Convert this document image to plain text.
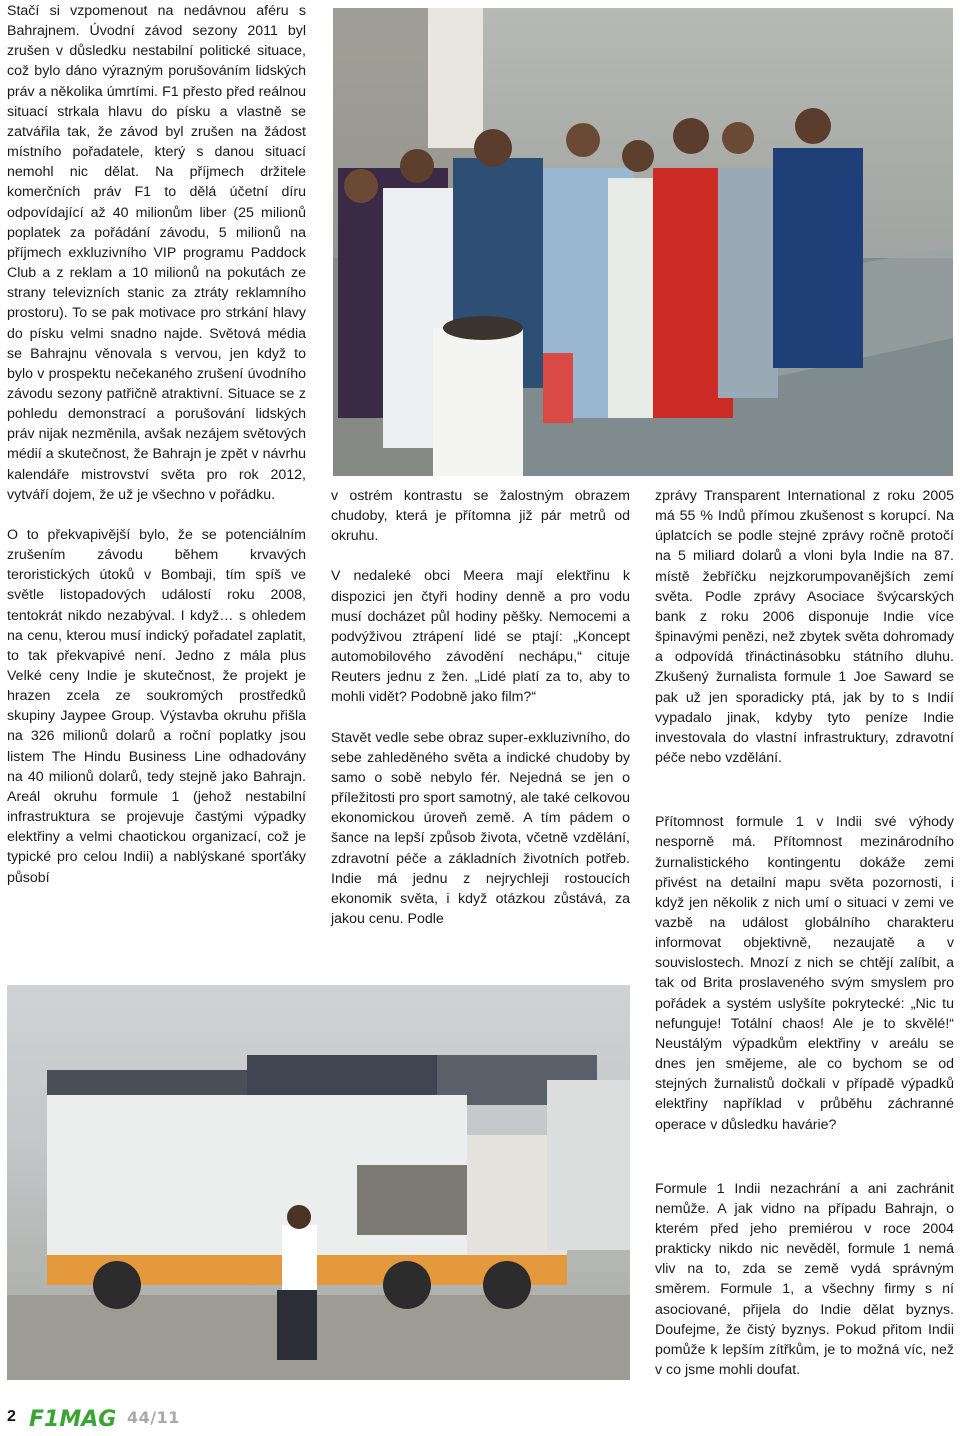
Stačí si vzpomenout na nedávnou aféru s Bahrajnem. Úvodní závod sezony 2011 byl zrušen v důsledku nestabilní politické situace, což bylo dáno výrazným porušováním lidských práv a několika úmrtími. F1 přesto před reálnou situací strkala hlavu do písku a vlastně se zatvářila tak, že závod byl zrušen na žádost místního pořadatele, který s danou situací nemohl nic dělat. Na příjmech držitele komerčních práv F1 to dělá účetní díru odpovídající až 40 milionům liber (25 milionů poplatek za pořádání závodu, 5 milionů na příjmech exkluzivního VIP programu Paddock Club a z reklam a 10 milionů na pokutách ze strany televizních stanic za ztráty reklamního prostoru). To se pak motivace pro strkání hlavy do písku velmi snadno najde. Světová média se Bahrajnu věnovala s vervou, jen když to bylo v prospektu nečekaného zrušení úvodního závodu sezony patřičně atraktivní. Situace se z pohledu demonstrací a porušování lidských práv nijak nezměnila, avšak nezájem světových médií a skutečnost, že Bahrajn je zpět v návrhu kalendáře mistrovství světa pro rok 2012, vytváří dojem, že už je všechno v pořádku.

O to překvapivější bylo, že se potenciálním zrušením závodu během krvavých teroristických útoků v Bombaji, tím spíš ve světle listopadových událostí roku 2008, tentokrát nikdo nezabýval. I když… s ohledem na cenu, kterou musí indický pořadatel zaplatit, to tak překvapivé není. Jedno z mála plus Velké ceny Indie je skutečnost, že projekt je hrazen zcela ze soukromých prostředků skupiny Jaypee Group. Výstavba okruhu přišla na 326 milionů dolarů a roční poplatky jsou listem The Hindu Business Line odhadovány na 40 milionů dolarů, tedy stejně jako Bahrajn. Areál okruhu formule 1 (jehož nestabilní infrastruktura se projevuje častými výpadky elektřiny a velmi chaotickou organizací, což je typické pro celou Indii) a nablýskané sporťáky působí

v ostrém kontrastu se žalostným obrazem chudoby, která je přítomna již pár metrů od okruhu.

V nedaleké obci Meera mají elektřinu k dispozici jen čtyři hodiny denně a pro vodu musí docházet půl hodiny pěšky. Nemocemi a podvýživou ztrápení lidé se ptají: „Koncept automobilového závodění nechápu,“ cituje Reuters jednu z žen. „Lidé platí za to, aby to mohli vidět? Podobně jako film?“

Stavět vedle sebe obraz super-exkluzivního, do sebe zahleděného světa a indické chudoby by samo o sobě nebylo fér. Nejedná se jen o příležitosti pro sport samotný, ale také celkovou ekonomickou úroveň země. A tím pádem o šance na lepší způsob života, včetně vzdělání, zdravotní péče a základních životních potřeb. Indie má jednu z nejrychleji rostoucích ekonomik světa, i když otázkou zůstává, za jakou cenu. Podle

zprávy Transparent International z roku 2005 má 55 % Indů přímou zkušenost s korupcí. Na úplatcích se podle stejné zprávy ročně protočí na 5 miliard dolarů a vloni byla Indie na 87. místě žebříčku nejzkorumpovanějších zemí světa. Podle zprávy Asociace švýcarských bank z roku 2006 disponuje Indie více špinavými penězi, než zbytek světa dohromady a odpovídá třináctinásobku státního dluhu. Zkušený žurnalista formule 1 Joe Saward se pak už jen sporadicky ptá, jak by to s Indií vypadalo jinak, kdyby tyto peníze Indie investovala do vlastní infrastruktury, zdravotní péče nebo vzdělání.

Přítomnost formule 1 v Indii své výhody nesporně má. Přítomnost mezinárodního žurnalistického kontingentu dokáže zemi přivést na detailní mapu světa pozornosti, i když jen několik z nich umí o situaci v zemi ve vazbě na událost globálního charakteru informovat objektivně, nezaujatě a v souvislostech. Mnozí z nich se chtějí zalíbit, a tak od Brita proslaveného svým smyslem pro pořádek a systém uslyšíte pokrytecké: „Nic tu nefunguje! Totální chaos! Ale je to skvělé!“ Neustálým výpadkům elektřiny v areálu se dnes jen smějeme, ale co bychom se od stejných žurnalistů dočkali v případě výpadků elektřiny například v průběhu záchranné operace v důsledku havárie?

Formule 1 Indii nezachrání a ani zachránit nemůže. A jak vidno na případu Bahrajn, o kterém před jeho premiérou v roce 2004 prakticky nikdo nic nevěděl, formule 1 nemá vliv na to, zda se země vydá správným směrem. Formule 1, a všechny firmy s ní asociované, přijela do Indie dělat byznys. Doufejme, že čistý byznys. Pokud přitom Indii pomůže k lepším zítřkům, je to možná víc, než v co jsme mohli doufat.

2 F1MAG 44/11
